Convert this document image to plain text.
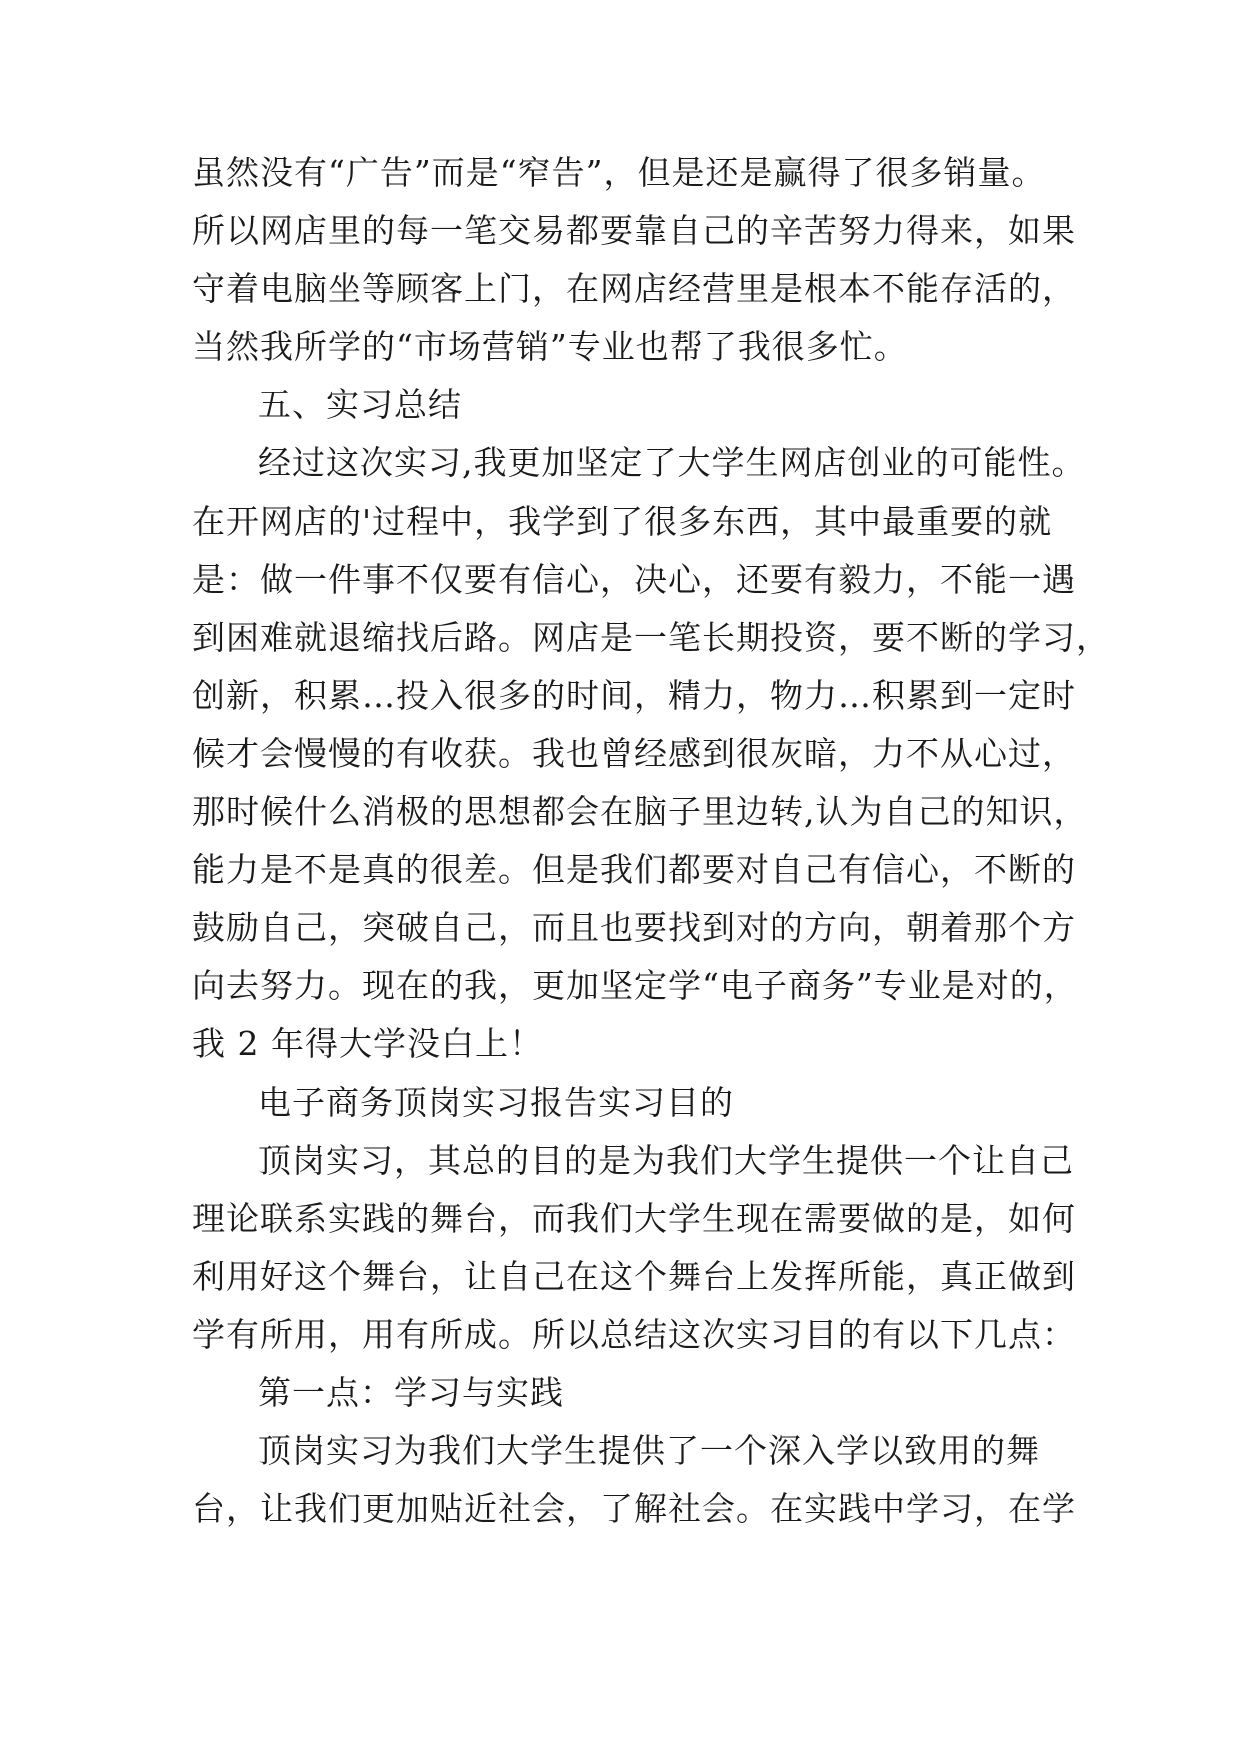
虽然没有“广告”而是“窄告”，但是还是赢得了很多销量。
所以网店里的每一笔交易都要靠自己的辛苦努力得来，如果
守着电脑坐等顾客上门，在网店经营里是根本不能存活的，
当然我所学的“市场营销”专业也帮了我很多忙。
五、实习总结
经过这次实习,我更加坚定了大学生网店创业的可能性。
在开网店的'过程中，我学到了很多东西，其中最重要的就
是：做一件事不仅要有信心，决心，还要有毅力，不能一遇
到困难就退缩找后路。网店是一笔长期投资，要不断的学习，
创新，积累…投入很多的时间，精力，物力…积累到一定时
候才会慢慢的有收获。我也曾经感到很灰暗，力不从心过，
那时候什么消极的思想都会在脑子里边转,认为自己的知识，
能力是不是真的很差。但是我们都要对自己有信心，不断的
鼓励自己，突破自己，而且也要找到对的方向，朝着那个方
向去努力。现在的我，更加坚定学“电子商务”专业是对的，
我 2 年得大学没白上！
电子商务顶岗实习报告实习目的
顶岗实习，其总的目的是为我们大学生提供一个让自己
理论联系实践的舞台，而我们大学生现在需要做的是，如何
利用好这个舞台，让自己在这个舞台上发挥所能，真正做到
学有所用，用有所成。所以总结这次实习目的有以下几点：
第一点：学习与实践
顶岗实习为我们大学生提供了一个深入学以致用的舞
台，让我们更加贴近社会，了解社会。在实践中学习，在学
